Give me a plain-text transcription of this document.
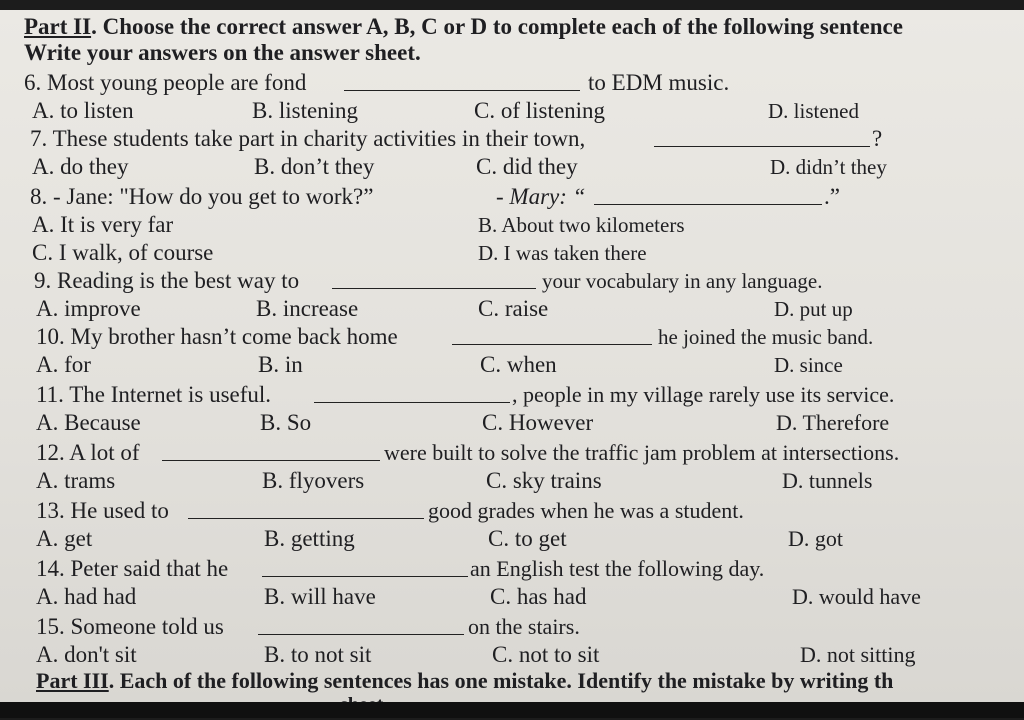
Part II. Choose the correct answer A, B, C or D to complete each of the following sentence
Write your answers on the answer sheet.
6. Most young people are fond	to EDM music.
A. to listen	B. listening	C. of listening	D. listened
7. These students take part in charity activities in their town,	?
A. do they	B. don’t they	C. did they	D. didn’t they
8. - Jane: "How do you get to work?”	- Mary: “	.”
A. It is very far	B. About two kilometers
C. I walk, of course	D. I was taken there
9. Reading is the best way to	your vocabulary in any language.
A. improve	B. increase	C. raise	D. put up
10. My brother hasn’t come back home	he joined the music band.
A. for	B. in	C. when	D. since
11. The Internet is useful.	, people in my village rarely use its service.
A. Because	B. So	C. However	D. Therefore
12. A lot of	were built to solve the traffic jam problem at intersections.
A. trams	B. flyovers	C. sky trains	D. tunnels
13. He used to	good grades when he was a student.
A. get	B. getting	C. to get	D. got
14. Peter said that he	an English test the following day.
A. had had	B. will have	C. has had	D. would have
15. Someone told us	on the stairs.
A. don't sit	B. to not sit	C. not to sit	D. not sitting
Part III. Each of the following sentences has one mistake. Identify the mistake by writing th
